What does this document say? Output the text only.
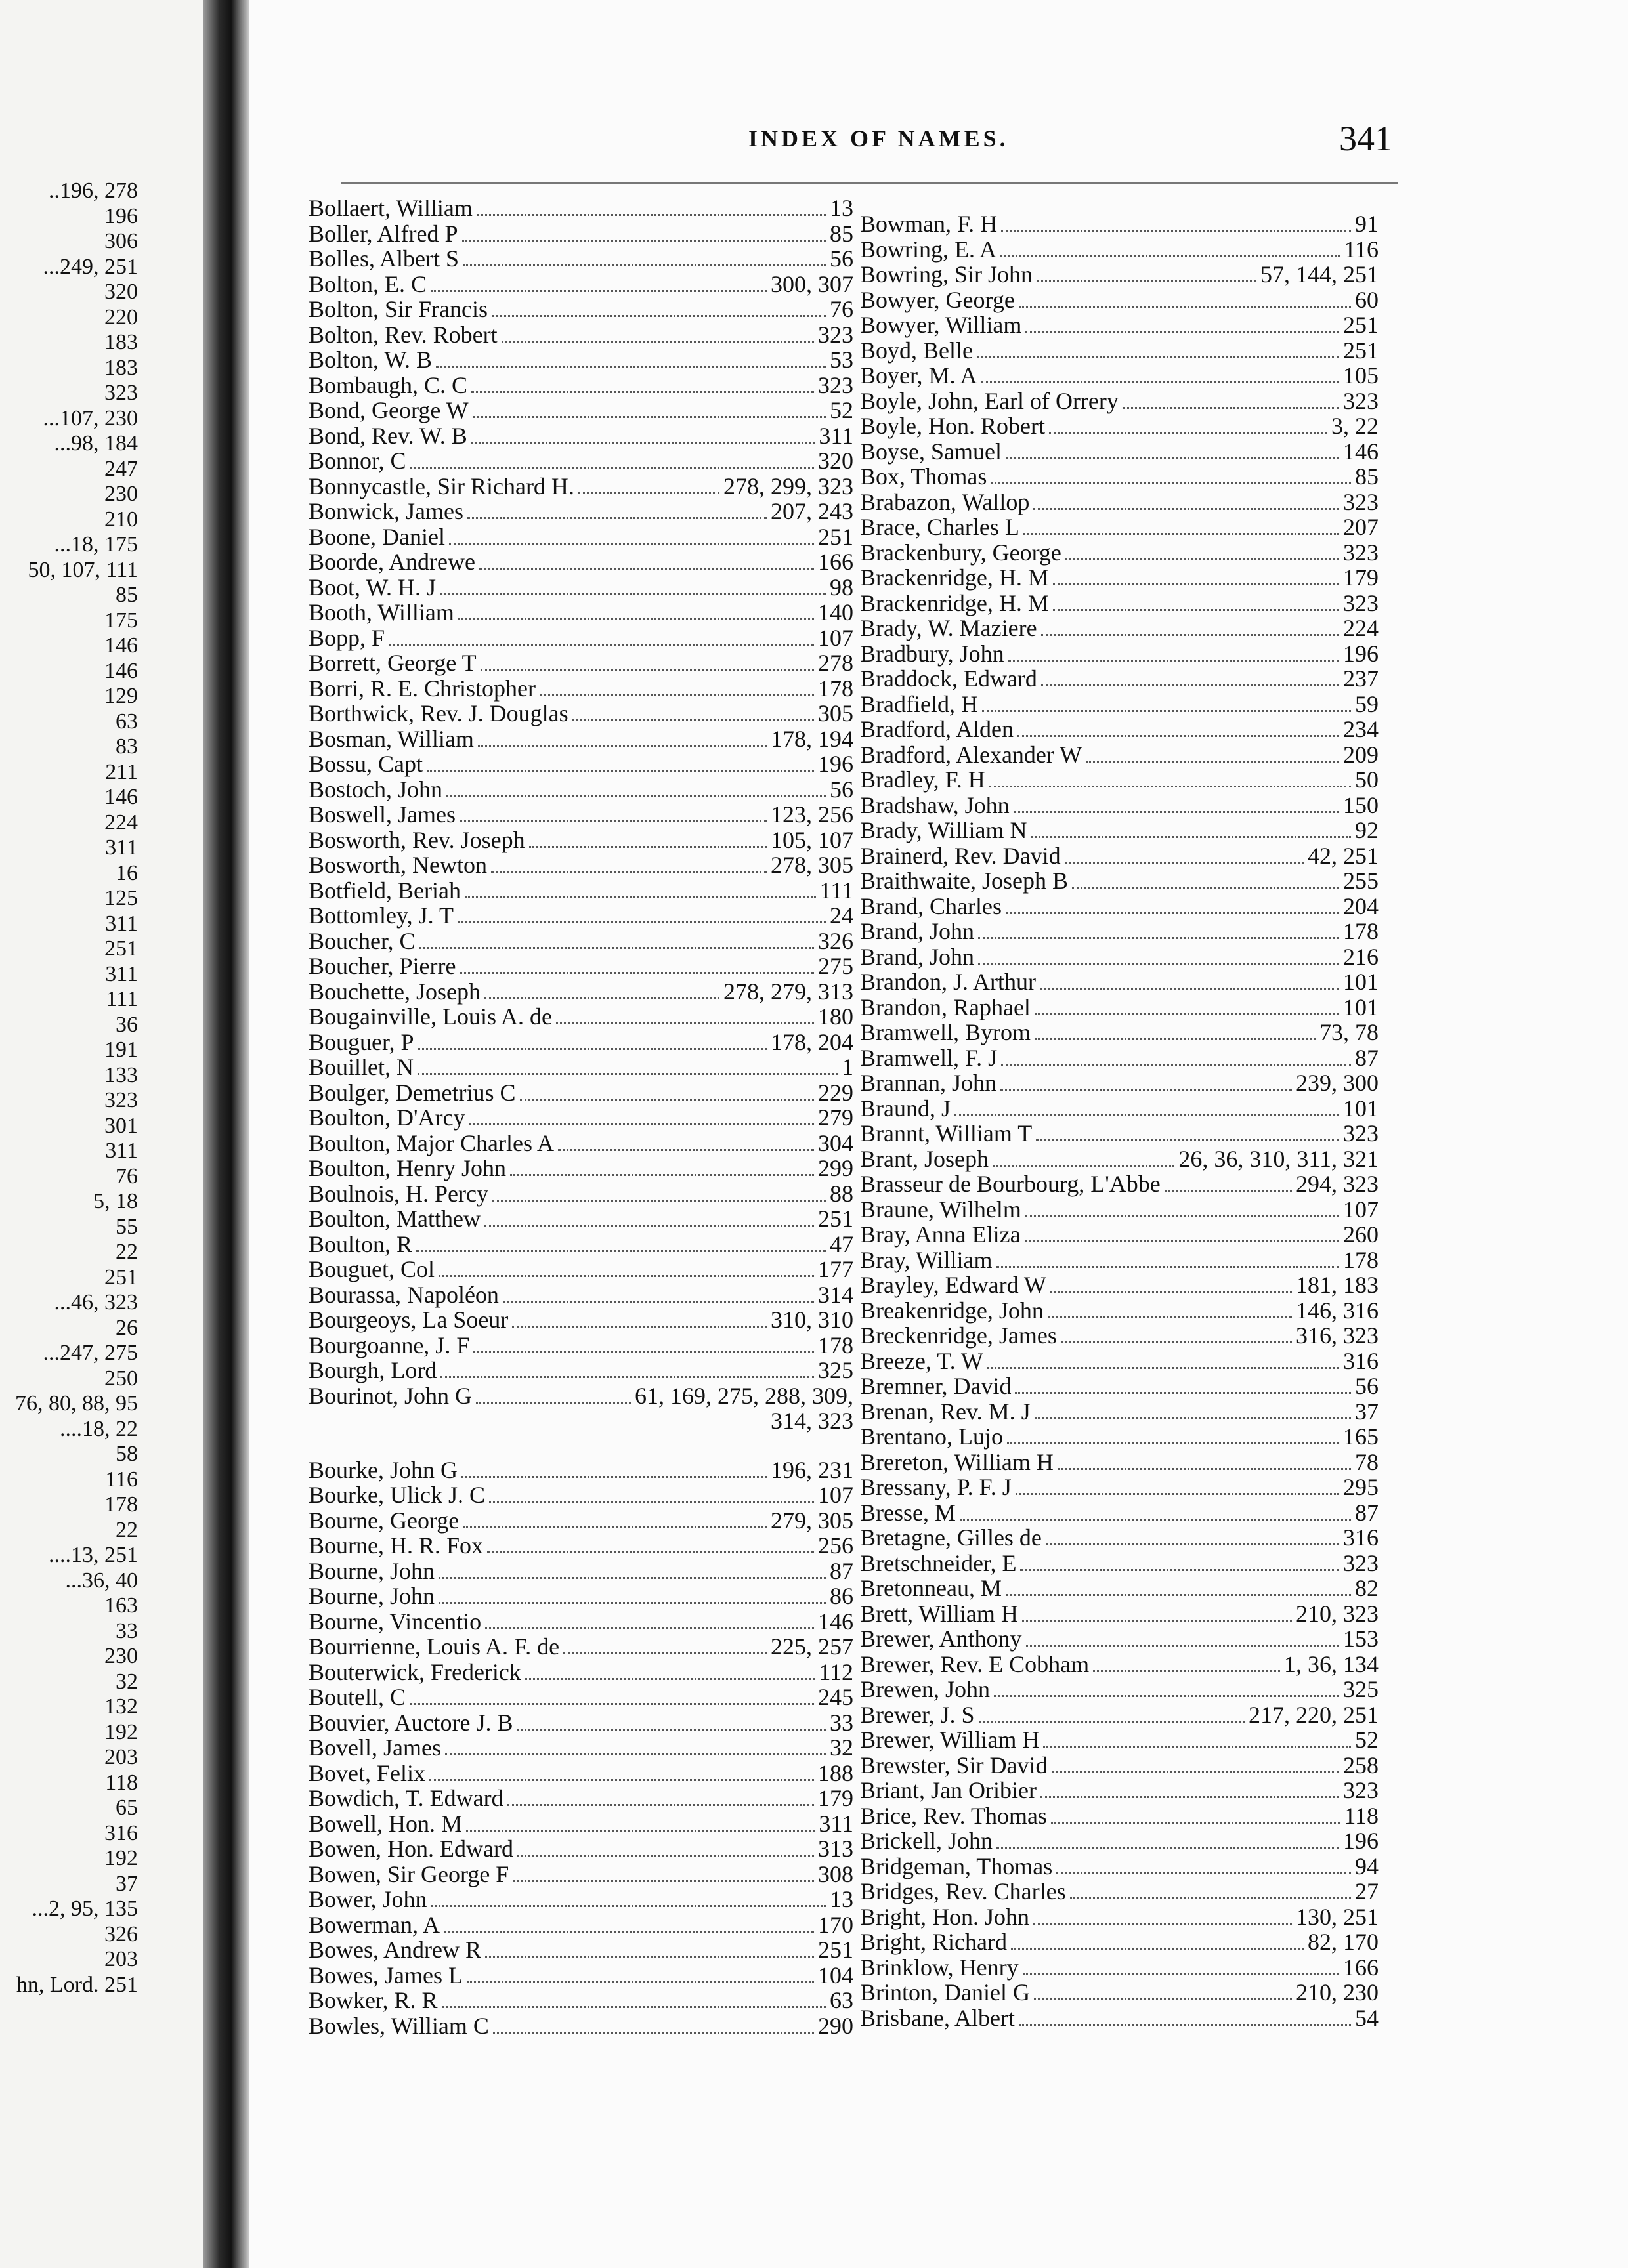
..196, 278
196
306
...249, 251
320
220
183
183
323
...107, 230
...98, 184
247
230
210
...18, 175
50, 107, 111
85
175
146
146
129
63
83
211
146
224
311
16
125
311
251
311
111
36
191
133
323
301
311
76
5, 18
55
22
251
...46, 323
26
...247, 275
250
76, 80, 88, 95
....18, 22
58
116
178
22
....13, 251
...36, 40
163
33
230
32
132
192
203
118
65
316
192
37
...2, 95, 135
326
203
hn, Lord. 251
INDEX OF NAMES.	341
Bollaert, William	13
Boller, Alfred P	85
Bolles, Albert S	56
Bolton, E. C	300, 307
Bolton, Sir Francis	76
Bolton, Rev. Robert	323
Bolton, W. B	53
Bombaugh, C. C	323
Bond, George W	52
Bond, Rev. W. B	311
Bonnor, C	320
Bonnycastle, Sir Richard H.	278, 299, 323
Bonwick, James	207, 243
Boone, Daniel	251
Boorde, Andrewe	166
Boot, W. H. J	98
Booth, William	140
Bopp, F	107
Borrett, George T	278
Borri, R. E. Christopher	178
Borthwick, Rev. J. Douglas	305
Bosman, William	178, 194
Bossu, Capt	196
Bostoch, John	56
Boswell, James	123, 256
Bosworth, Rev. Joseph	105, 107
Bosworth, Newton	278, 305
Botfield, Beriah	111
Bottomley, J. T	24
Boucher, C	326
Boucher, Pierre	275
Bouchette, Joseph	278, 279, 313
Bougainville, Louis A. de	180
Bouguer, P	178, 204
Bouillet, N	1
Boulger, Demetrius C	229
Boulton, D'Arcy	279
Boulton, Major Charles A	304
Boulton, Henry John	299
Boulnois, H. Percy	88
Boulton, Matthew	251
Boulton, R	47
Bouguet, Col	177
Bourassa, Napoléon	314
Bourgeoys, La Soeur	310, 310
Bourgoanne, J. F	178
Bourgh, Lord	325
Bourinot, John G	61, 169, 275, 288, 309,
314, 323
Bourke, John G	196, 231
Bourke, Ulick J. C	107
Bourne, George	279, 305
Bourne, H. R. Fox	256
Bourne, John	87
Bourne, John	86
Bourne, Vincentio	146
Bourrienne, Louis A. F. de	225, 257
Bouterwick, Frederick	112
Boutell, C	245
Bouvier, Auctore J. B	33
Bovell, James	32
Bovet, Felix	188
Bowdich, T. Edward	179
Bowell, Hon. M	311
Bowen, Hon. Edward	313
Bowen, Sir George F	308
Bower, John	13
Bowerman, A	170
Bowes, Andrew R	251
Bowes, James L	104
Bowker, R. R	63
Bowles, William C	290
Bowman, F. H	91
Bowring, E. A	116
Bowring, Sir John	57, 144, 251
Bowyer, George	60
Bowyer, William	251
Boyd, Belle	251
Boyer, M. A	105
Boyle, John, Earl of Orrery	323
Boyle, Hon. Robert	3, 22
Boyse, Samuel	146
Box, Thomas	85
Brabazon, Wallop	323
Brace, Charles L	207
Brackenbury, George	323
Brackenridge, H. M	179
Brackenridge, H. M	323
Brady, W. Maziere	224
Bradbury, John	196
Braddock, Edward	237
Bradfield, H	59
Bradford, Alden	234
Bradford, Alexander W	209
Bradley, F. H	50
Bradshaw, John	150
Brady, William N	92
Brainerd, Rev. David	42, 251
Braithwaite, Joseph B	255
Brand, Charles	204
Brand, John	178
Brand, John	216
Brandon, J. Arthur	101
Brandon, Raphael	101
Bramwell, Byrom	73, 78
Bramwell, F. J	87
Brannan, John	239, 300
Braund, J	101
Brannt, William T	323
Brant, Joseph	26, 36, 310, 311, 321
Brasseur de Bourbourg, L'Abbe	294, 323
Braune, Wilhelm	107
Bray, Anna Eliza	260
Bray, William	178
Brayley, Edward W	181, 183
Breakenridge, John	146, 316
Breckenridge, James	316, 323
Breeze, T. W	316
Bremner, David	56
Brenan, Rev. M. J	37
Brentano, Lujo	165
Brereton, William H	78
Bressany, P. F. J	295
Bresse, M	87
Bretagne, Gilles de	316
Bretschneider, E	323
Bretonneau, M	82
Brett, William H	210, 323
Brewer, Anthony	153
Brewer, Rev. E Cobham	1, 36, 134
Brewen, John	325
Brewer, J. S	217, 220, 251
Brewer, William H	52
Brewster, Sir David	258
Briant, Jan Oribier	323
Brice, Rev. Thomas	118
Brickell, John	196
Bridgeman, Thomas	94
Bridges, Rev. Charles	27
Bright, Hon. John	130, 251
Bright, Richard	82, 170
Brinklow, Henry	166
Brinton, Daniel G	210, 230
Brisbane, Albert	54
